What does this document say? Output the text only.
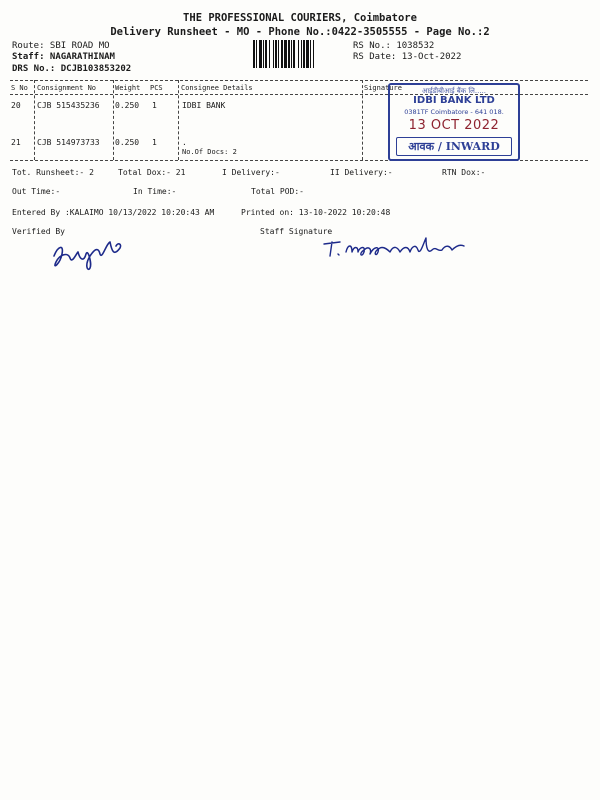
THE PROFESSIONAL COURIERS, Coimbatore
Delivery Runsheet - MO - Phone No.:0422-3505555 - Page No.:2
Route: SBI ROAD MO
Staff: NAGARATHINAM
DRS No.: DCJB103853202
RS No.: 1038532
RS Date: 13-Oct-2022
S No Consignment No	Weight PCS	Consignee Details	Signature
20 CJB 515435236 0.250 1	IDBI BANK
21 CJB 514973733 0.250 1	.
No.Of Docs: 2
आईडीबीआई बैंक लि.....
IDBI BANK LTD
0381TF Coimbatore - 641 018.
13 OCT 2022
आवक / INWARD
Tot. Runsheet:- 2	Total Dox:- 21	I Delivery:-	II Delivery:-	RTN Dox:-
Out Time:-	In Time:-	Total POD:-
Entered By :KALAIMO 10/13/2022 10:20:43 AM	Printed on: 13-10-2022 10:20:48
Verified By	Staff Signature
